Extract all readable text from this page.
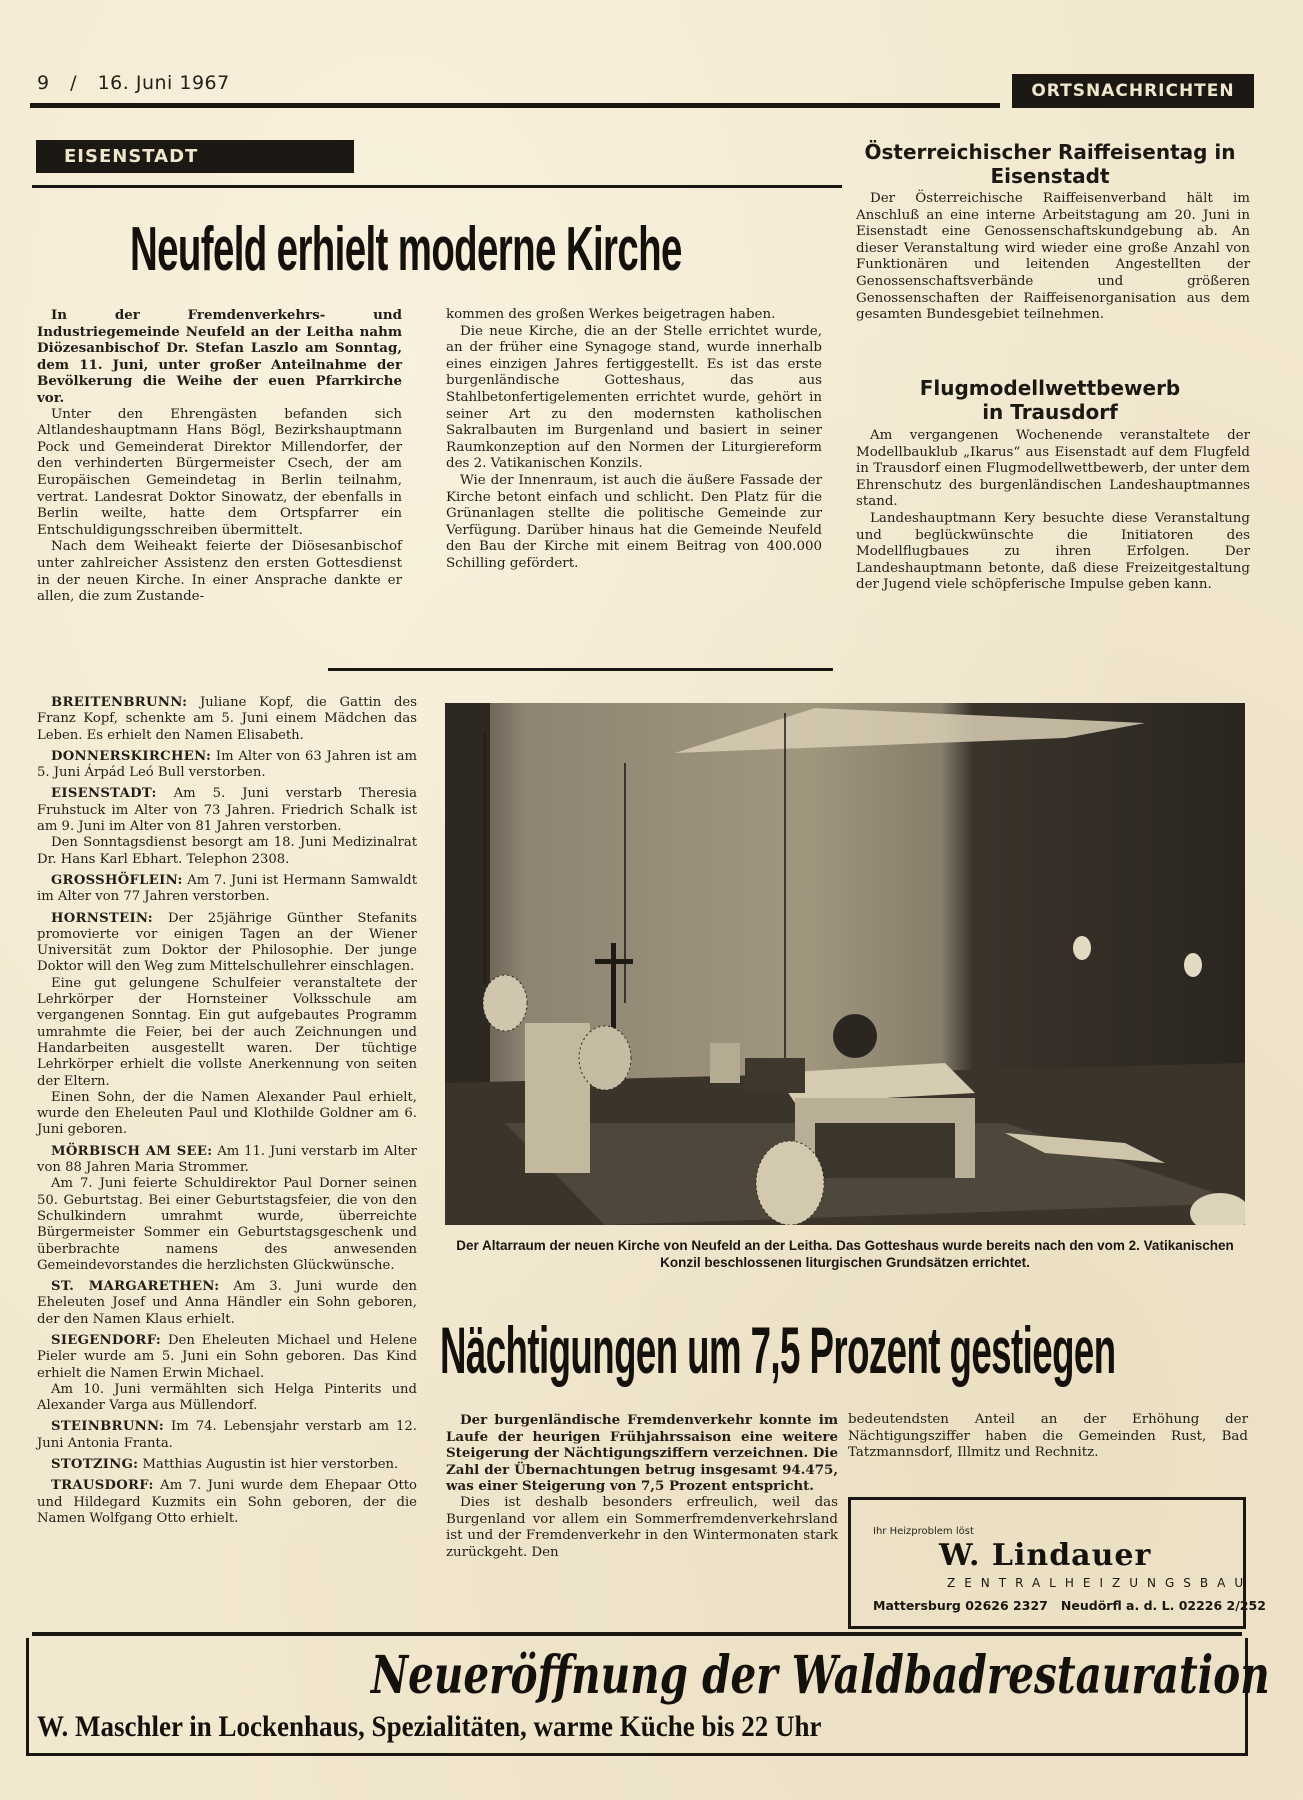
9 / 16. Juni 1967	ORTSNACHRICHTEN
EISENSTADT
Neufeld erhielt moderne Kirche

In der Fremdenverkehrs- und Industriegemeinde Neufeld an der Leitha nahm Diözesanbischof Dr. Stefan Laszlo am Sonntag, dem 11. Juni, unter großer Anteilnahme der Bevölkerung die Weihe der euen Pfarrkirche vor.

Unter den Ehrengästen befanden sich Altlandeshauptmann Hans Bögl, Bezirkshauptmann Pock und Gemeinderat Direktor Millendorfer, der den verhinderten Bürgermeister Csech, der am Europäischen Gemeindetag in Berlin teilnahm, vertrat. Landesrat Doktor Sinowatz, der ebenfalls in Berlin weilte, hatte dem Ortspfarrer ein Entschuldigungsschreiben übermittelt.

Nach dem Weiheakt feierte der Diösesanbischof unter zahlreicher Assistenz den ersten Gottesdienst in der neuen Kirche. In einer Ansprache dankte er allen, die zum Zustande-

kommen des großen Werkes beigetragen haben.

Die neue Kirche, die an der Stelle errichtet wurde, an der früher eine Synagoge stand, wurde innerhalb eines einzigen Jahres fertiggestellt. Es ist das erste burgenländische Gotteshaus, das aus Stahlbetonfertigelementen errichtet wurde, gehört in seiner Art zu den modernsten katholischen Sakralbauten im Burgenland und basiert in seiner Raumkonzeption auf den Normen der Liturgiereform des 2. Vatikanischen Konzils.

Wie der Innenraum, ist auch die äußere Fassade der Kirche betont einfach und schlicht. Den Platz für die Grünanlagen stellte die politische Gemeinde zur Verfügung. Darüber hinaus hat die Gemeinde Neufeld den Bau der Kirche mit einem Beitrag von 400.000 Schilling gefördert.

Österreichischer Raiffeisentag in
Eisenstadt

Der Österreichische Raiffeisenverband hält im Anschluß an eine interne Arbeitstagung am 20. Juni in Eisenstadt eine Genossenschaftskundgebung ab. An dieser Veranstaltung wird wieder eine große Anzahl von Funktionären und leitenden Angestellten der Genossenschaftsverbände und größeren Genossenschaften der Raiffeisenorganisation aus dem gesamten Bundesgebiet teilnehmen.

Flugmodellwettbewerb
in Trausdorf

Am vergangenen Wochenende veranstaltete der Modellbauklub „Ikarus“ aus Eisenstadt auf dem Flugfeld in Trausdorf einen Flugmodellwettbewerb, der unter dem Ehrenschutz des burgenländischen Landeshauptmannes stand.

Landeshauptmann Kery besuchte diese Veranstaltung und beglückwünschte die Initiatoren des Modellflugbaues zu ihren Erfolgen. Der Landeshauptmann betonte, daß diese Freizeitgestaltung der Jugend viele schöpferische Impulse geben kann.

BREITENBRUNN: Juliane Kopf, die Gattin des Franz Kopf, schenkte am 5. Juni einem Mädchen das Leben. Es erhielt den Namen Elisabeth.

DONNERSKIRCHEN: Im Alter von 63 Jahren ist am 5. Juni Árpád Leó Bull verstorben.

EISENSTADT: Am 5. Juni verstarb Theresia Fruhstuck im Alter von 73 Jahren. Friedrich Schalk ist am 9. Juni im Alter von 81 Jahren verstorben.

Den Sonntagsdienst besorgt am 18. Juni Medizinalrat Dr. Hans Karl Ebhart. Telephon 2308.

GROSSHÖFLEIN: Am 7. Juni ist Hermann Samwaldt im Alter von 77 Jahren verstorben.

HORNSTEIN: Der 25jährige Günther Stefanits promovierte vor einigen Tagen an der Wiener Universität zum Doktor der Philosophie. Der junge Doktor will den Weg zum Mittelschullehrer einschlagen.

Eine gut gelungene Schulfeier veranstaltete der Lehrkörper der Hornsteiner Volksschule am vergangenen Sonntag. Ein gut aufgebautes Programm umrahmte die Feier, bei der auch Zeichnungen und Handarbeiten ausgestellt waren. Der tüchtige Lehrkörper erhielt die vollste Anerkennung von seiten der Eltern.

Einen Sohn, der die Namen Alexander Paul erhielt, wurde den Eheleuten Paul und Klothilde Goldner am 6. Juni geboren.

MÖRBISCH AM SEE: Am 11. Juni verstarb im Alter von 88 Jahren Maria Strommer.

Am 7. Juni feierte Schuldirektor Paul Dorner seinen 50. Geburtstag. Bei einer Geburtstagsfeier, die von den Schulkindern umrahmt wurde, überreichte Bürgermeister Sommer ein Geburtstagsgeschenk und überbrachte namens des anwesenden Gemeindevorstandes die herzlichsten Glückwünsche.

ST. MARGARETHEN: Am 3. Juni wurde den Eheleuten Josef und Anna Händler ein Sohn geboren, der den Namen Klaus erhielt.

SIEGENDORF: Den Eheleuten Michael und Helene Pieler wurde am 5. Juni ein Sohn geboren. Das Kind erhielt die Namen Erwin Michael.

Am 10. Juni vermählten sich Helga Pinterits und Alexander Varga aus Müllendorf.

STEINBRUNN: Im 74. Lebensjahr verstarb am 12. Juni Antonia Franta.

STOTZING: Matthias Augustin ist hier verstorben.

TRAUSDORF: Am 7. Juni wurde dem Ehepaar Otto und Hildegard Kuzmits ein Sohn geboren, der die Namen Wolfgang Otto erhielt.

Der Altarraum der neuen Kirche von Neufeld an der Leitha. Das Gotteshaus wurde bereits nach den vom 2. Vatikanischen Konzil beschlossenen liturgischen Grundsätzen errichtet.
Nächtigungen um 7,5 Prozent gestiegen

Der burgenländische Fremdenverkehr konnte im Laufe der heurigen Frühjahrssaison eine weitere Steigerung der Nächtigungsziffern verzeichnen. Die Zahl der Übernachtungen betrug insgesamt 94.475, was einer Steigerung von 7,5 Prozent entspricht.

Dies ist deshalb besonders erfreulich, weil das Burgenland vor allem ein Sommerfremdenverkehrsland ist und der Fremdenverkehr in den Wintermonaten stark zurückgeht. Den

bedeutendsten Anteil an der Erhöhung der Nächtigungsziffer haben die Gemeinden Rust, Bad Tatzmannsdorf, Illmitz und Rechnitz.

Ihr Heizproblem löst
W. Lindauer
ZENTRALHEIZUNGSBAU
Mattersburg 02626 2327   Neudörfl a. d. L. 02226 2/252
Neueröffnung der Waldbadrestauration
W. Maschler in Lockenhaus, Spezialitäten, warme Küche bis 22 Uhr
